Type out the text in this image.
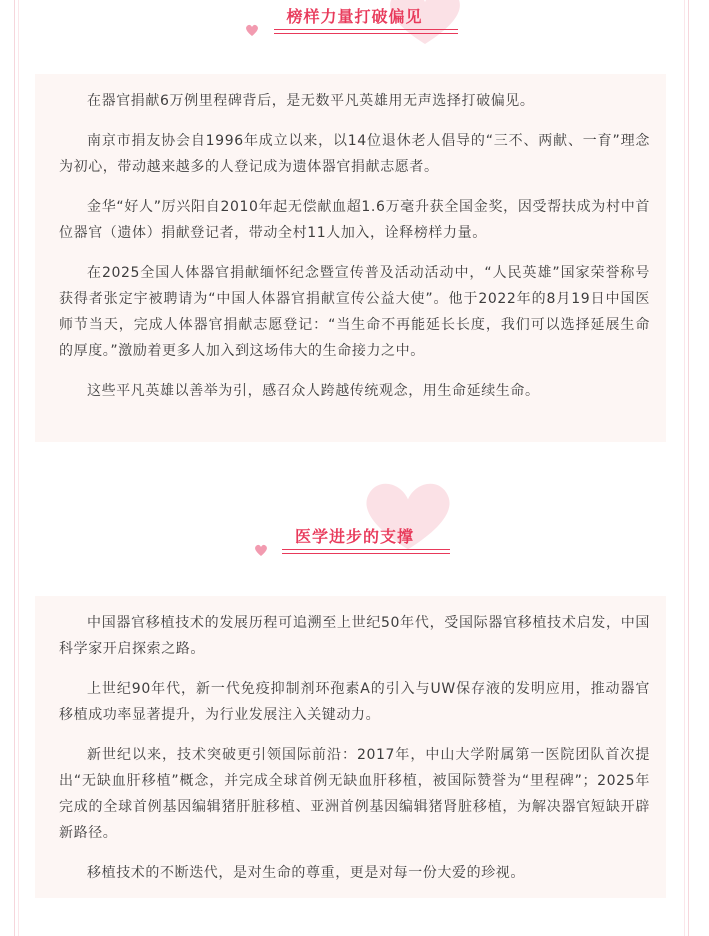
榜样力量打破偏见

在器官捐献6万例里程碑背后，是无数平凡英雄用无声选择打破偏见。

南京市捐友协会自1996年成立以来，以14位退休老人倡导的“三不、两献、一育”理念为初心，带动越来越多的人登记成为遗体器官捐献志愿者。

金华“好人”厉兴阳自2010年起无偿献血超1.6万毫升获全国金奖，因受帮扶成为村中首位器官（遗体）捐献登记者，带动全村11人加入，诠释榜样力量。

在2025全国人体器官捐献缅怀纪念暨宣传普及活动活动中，“人民英雄”国家荣誉称号获得者张定宇被聘请为“中国人体器官捐献宣传公益大使”。他于2022年的8月19日中国医师节当天，完成人体器官捐献志愿登记：“当生命不再能延长长度，我们可以选择延展生命的厚度。”激励着更多人加入到这场伟大的生命接力之中。

这些平凡英雄以善举为引，感召众人跨越传统观念，用生命延续生命。

医学进步的支撑

中国器官移植技术的发展历程可追溯至上世纪50年代，受国际器官移植技术启发，中国科学家开启探索之路。

上世纪90年代，新一代免疫抑制剂环孢素A的引入与UW保存液的发明应用，推动器官移植成功率显著提升，为行业发展注入关键动力。

新世纪以来，技术突破更引领国际前沿：2017年，中山大学附属第一医院团队首次提出“无缺血肝移植”概念，并完成全球首例无缺血肝移植，被国际赞誉为“里程碑”；2025年完成的全球首例基因编辑猪肝脏移植、亚洲首例基因编辑猪肾脏移植，为解决器官短缺开辟新路径。

移植技术的不断迭代，是对生命的尊重，更是对每一份大爱的珍视。
